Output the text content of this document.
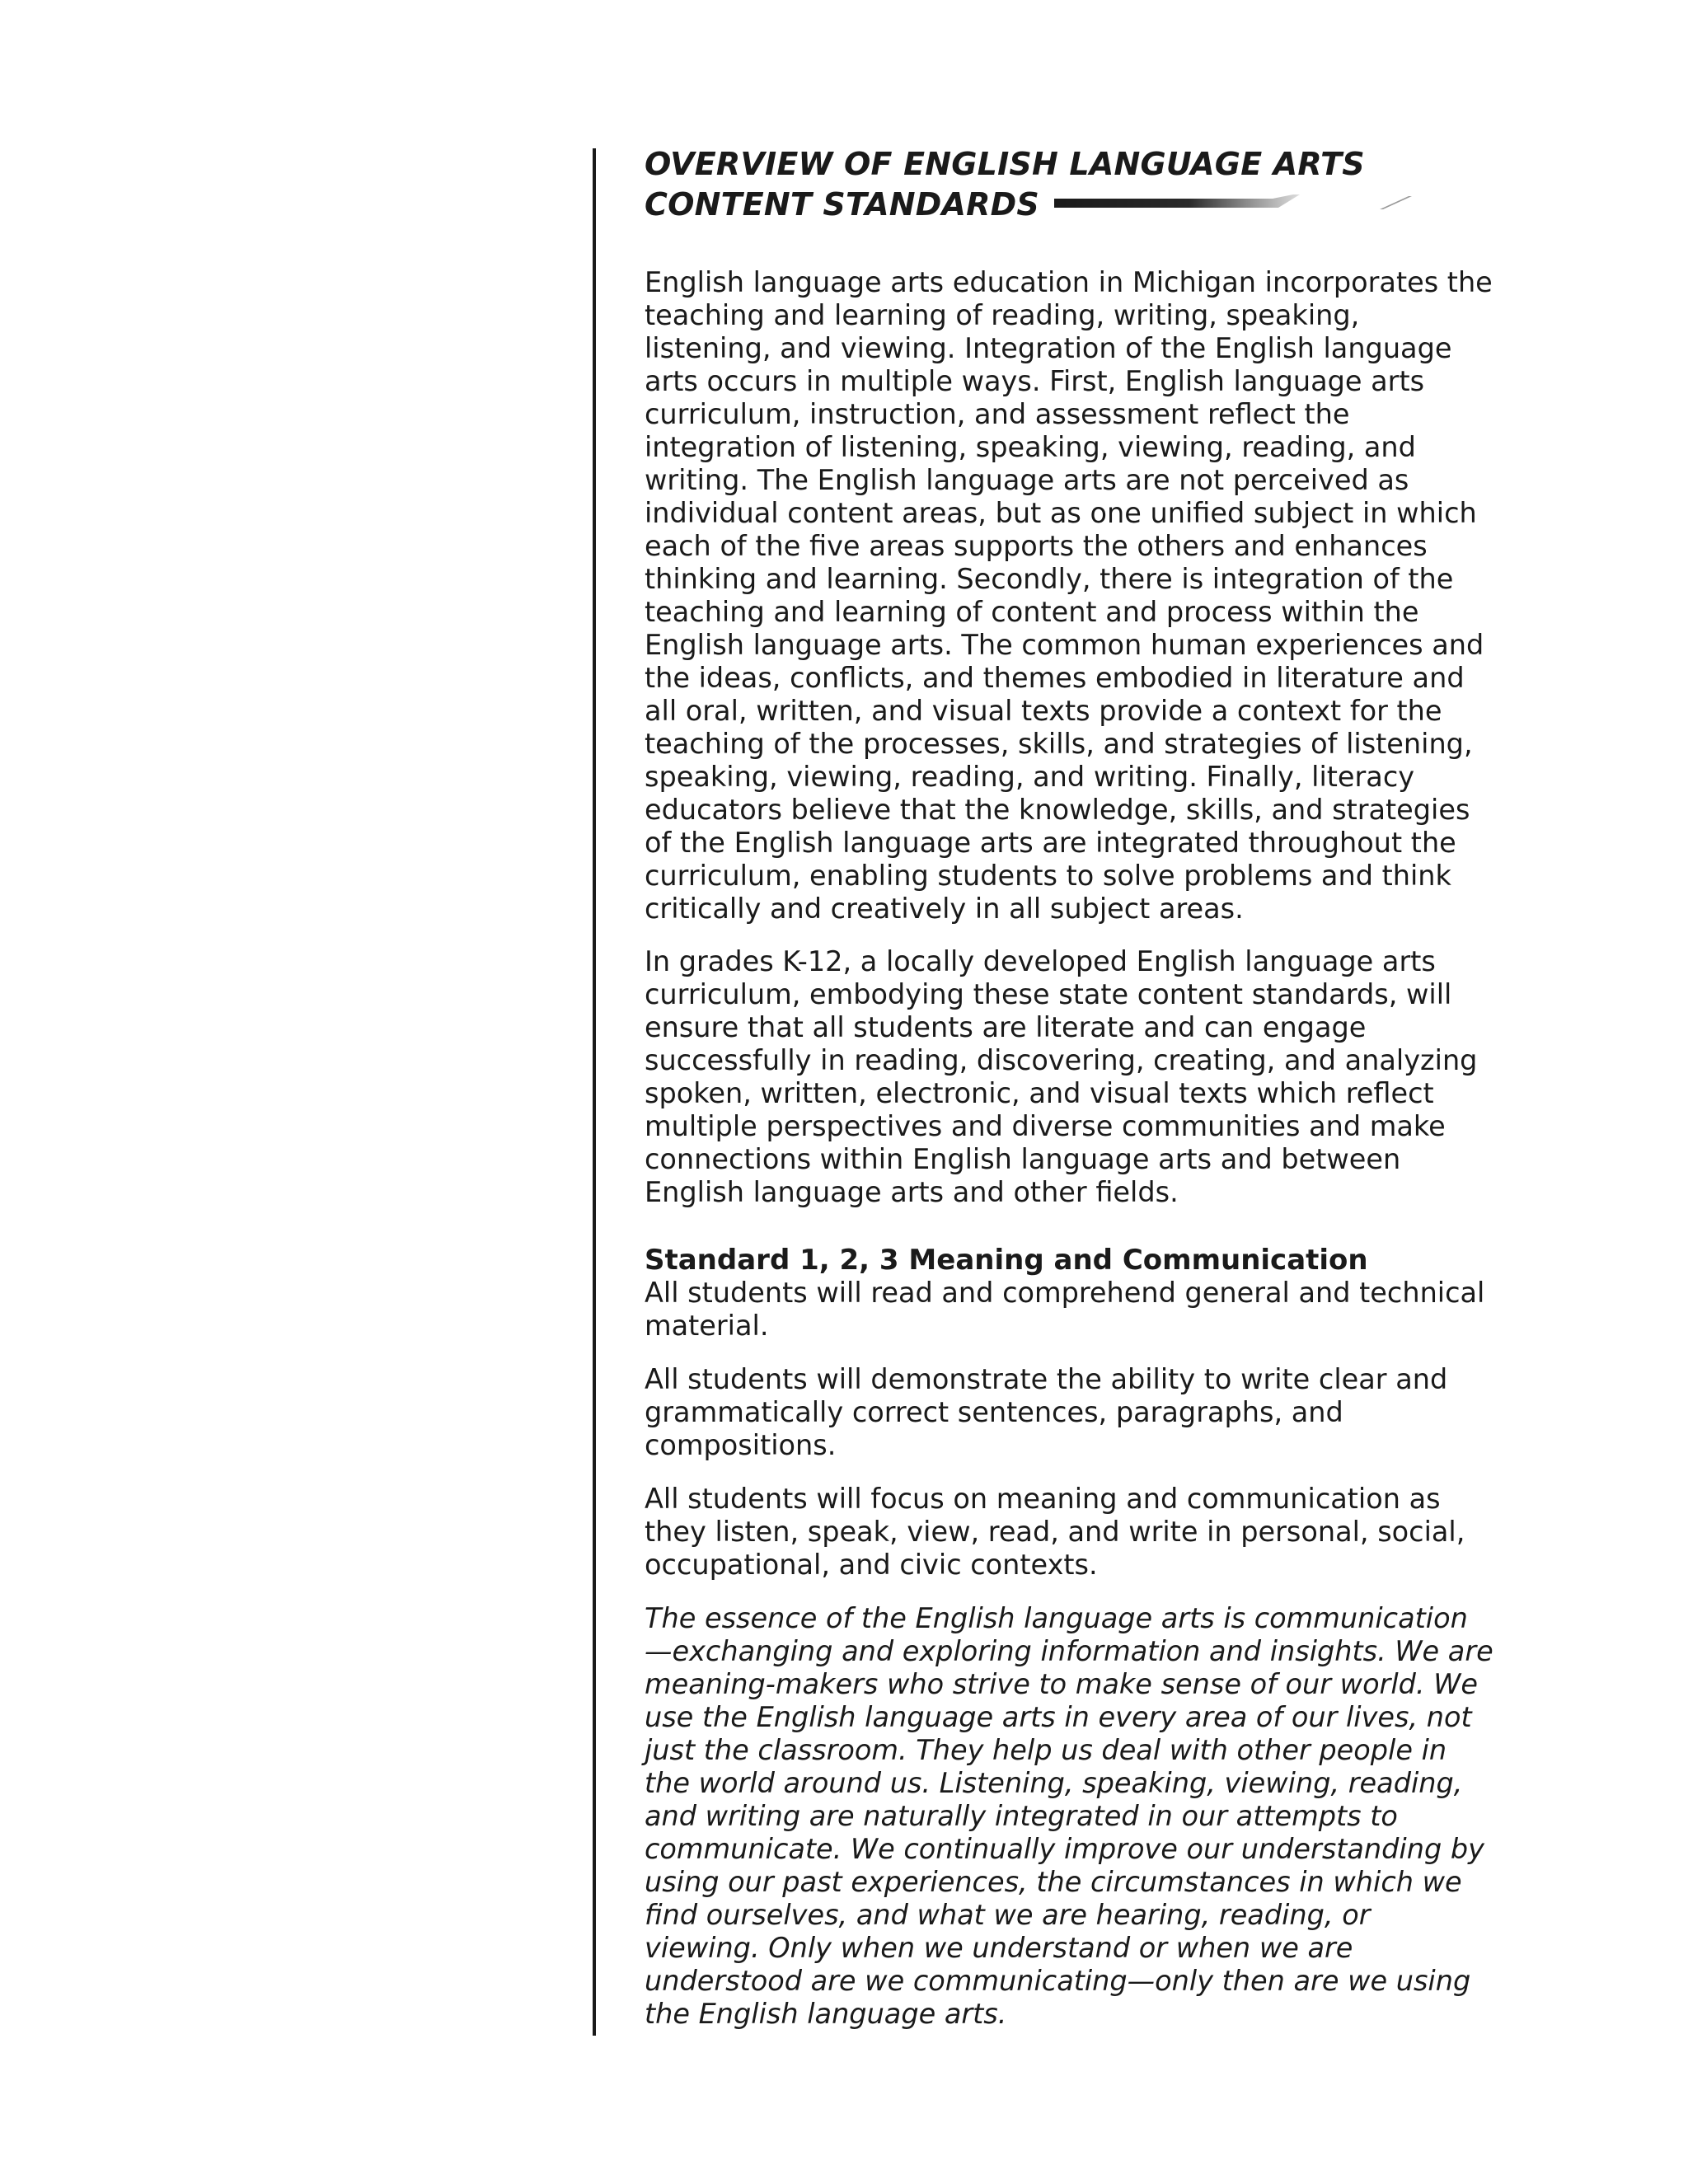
OVERVIEW OF ENGLISH LANGUAGE ARTS
CONTENT STANDARDS

English language arts education in Michigan incorporates the teaching and learning of reading, writing, speaking, listening, and viewing. Integration of the English language arts occurs in multiple ways. First, English language arts curriculum, instruction, and assessment reflect the integration of listening, speaking, viewing, reading, and writing. The English language arts are not perceived as individual content areas, but as one unified subject in which each of the five areas supports the others and enhances thinking and learning. Secondly, there is integration of the teaching and learning of content and process within the English language arts. The common human experiences and the ideas, conflicts, and themes embodied in literature and all oral, written, and visual texts provide a context for the teaching of the processes, skills, and strategies of listening, speaking, viewing, reading, and writing. Finally, literacy educators believe that the knowledge, skills, and strategies of the English language arts are integrated throughout the curriculum, enabling students to solve problems and think critically and creatively in all subject areas.

In grades K-12, a locally developed English language arts curriculum, embodying these state content standards, will ensure that all students are literate and can engage successfully in reading, discovering, creating, and analyzing spoken, written, electronic, and visual texts which reflect multiple perspectives and diverse communities and make connections within English language arts and between English language arts and other fields.

Standard 1, 2, 3 Meaning and Communication

All students will read and comprehend general and technical material.

All students will demonstrate the ability to write clear and grammatically correct sentences, paragraphs, and compositions.

All students will focus on meaning and communication as they listen, speak, view, read, and write in personal, social, occupational, and civic contexts.

The essence of the English language arts is communication—exchanging and exploring information and insights. We are meaning-makers who strive to make sense of our world. We use the English language arts in every area of our lives, not just the classroom. They help us deal with other people in the world around us. Listening, speaking, viewing, reading, and writing are naturally integrated in our attempts to communicate. We continually improve our understanding by using our past experiences, the circumstances in which we find ourselves, and what we are hearing, reading, or viewing. Only when we understand or when we are understood are we communicating—only then are we using the English language arts.
